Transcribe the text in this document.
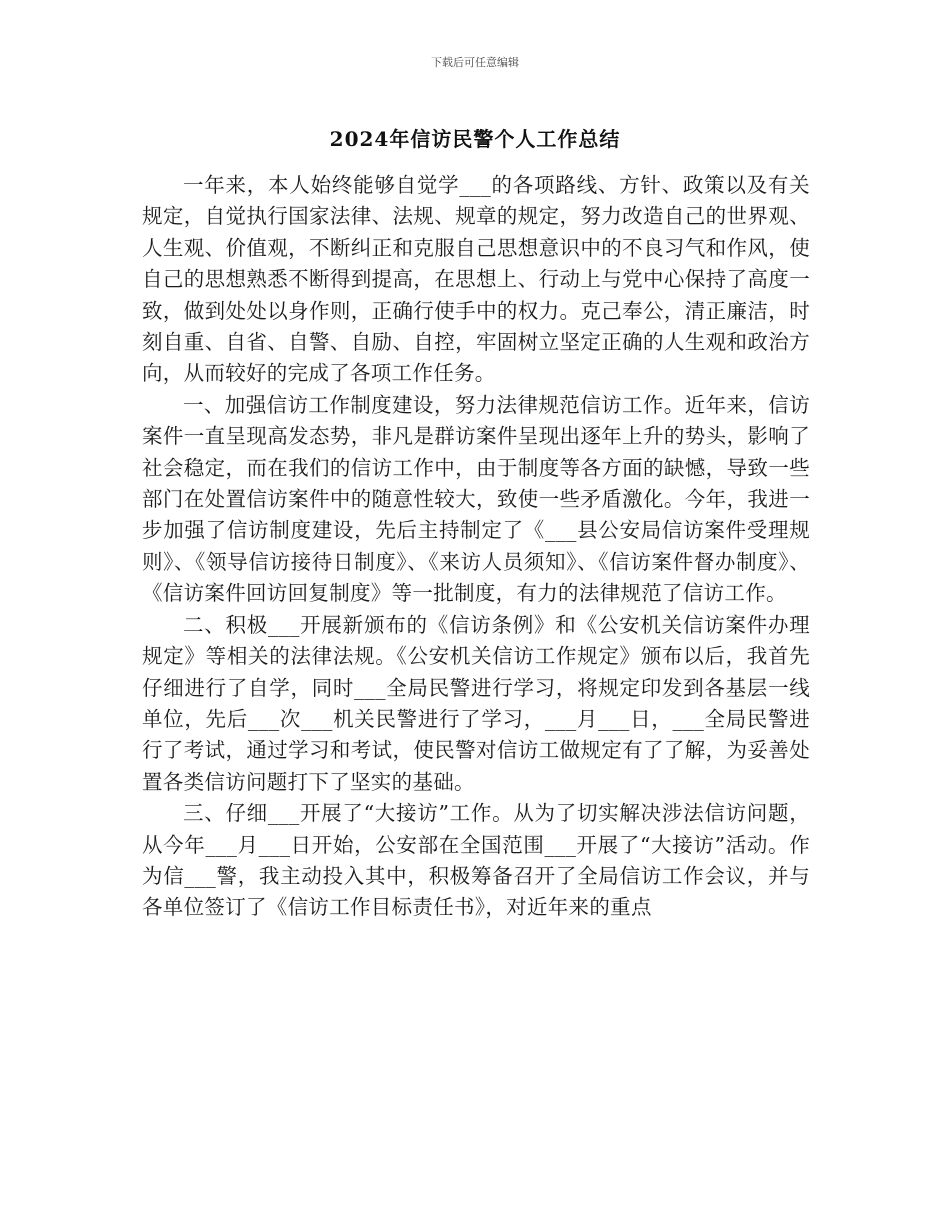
下载后可任意编辑
2024年信访民警个人工作总结

一年来，本人始终能够自觉学___的各项路线、方针、政策以及有关规定，自觉执行国家法律、法规、规章的规定，努力改造自己的世界观、人生观、价值观，不断纠正和克服自己思想意识中的不良习气和作风，使自己的思想熟悉不断得到提高，在思想上、行动上与党中心保持了高度一致，做到处处以身作则，正确行使手中的权力。克己奉公，清正廉洁，时刻自重、自省、自警、自励、自控，牢固树立坚定正确的人生观和政治方向，从而较好的完成了各项工作任务。

一、加强信访工作制度建设，努力法律规范信访工作。近年来，信访案件一直呈现高发态势，非凡是群访案件呈现出逐年上升的势头，影响了社会稳定，而在我们的信访工作中，由于制度等各方面的缺憾，导致一些部门在处置信访案件中的随意性较大，致使一些矛盾激化。今年，我进一步加强了信访制度建设，先后主持制定了《___县公安局信访案件受理规则》、《领导信访接待日制度》、《来访人员须知》、《信访案件督办制度》、《信访案件回访回复制度》等一批制度，有力的法律规范了信访工作。

二、积极___开展新颁布的《信访条例》和《公安机关信访案件办理规定》等相关的法律法规。《公安机关信访工作规定》颁布以后，我首先仔细进行了自学，同时___全局民警进行学习，将规定印发到各基层一线单位，先后___次___机关民警进行了学习，___月___日，___全局民警进行了考试，通过学习和考试，使民警对信访工做规定有了了解，为妥善处置各类信访问题打下了坚实的基础。

三、仔细___开展了“大接访”工作。从为了切实解决涉法信访问题，从今年___月___日开始，公安部在全国范围___开展了“大接访”活动。作为信___警，我主动投入其中，积极筹备召开了全局信访工作会议，并与各单位签订了《信访工作目标责任书》，对近年来的重点
